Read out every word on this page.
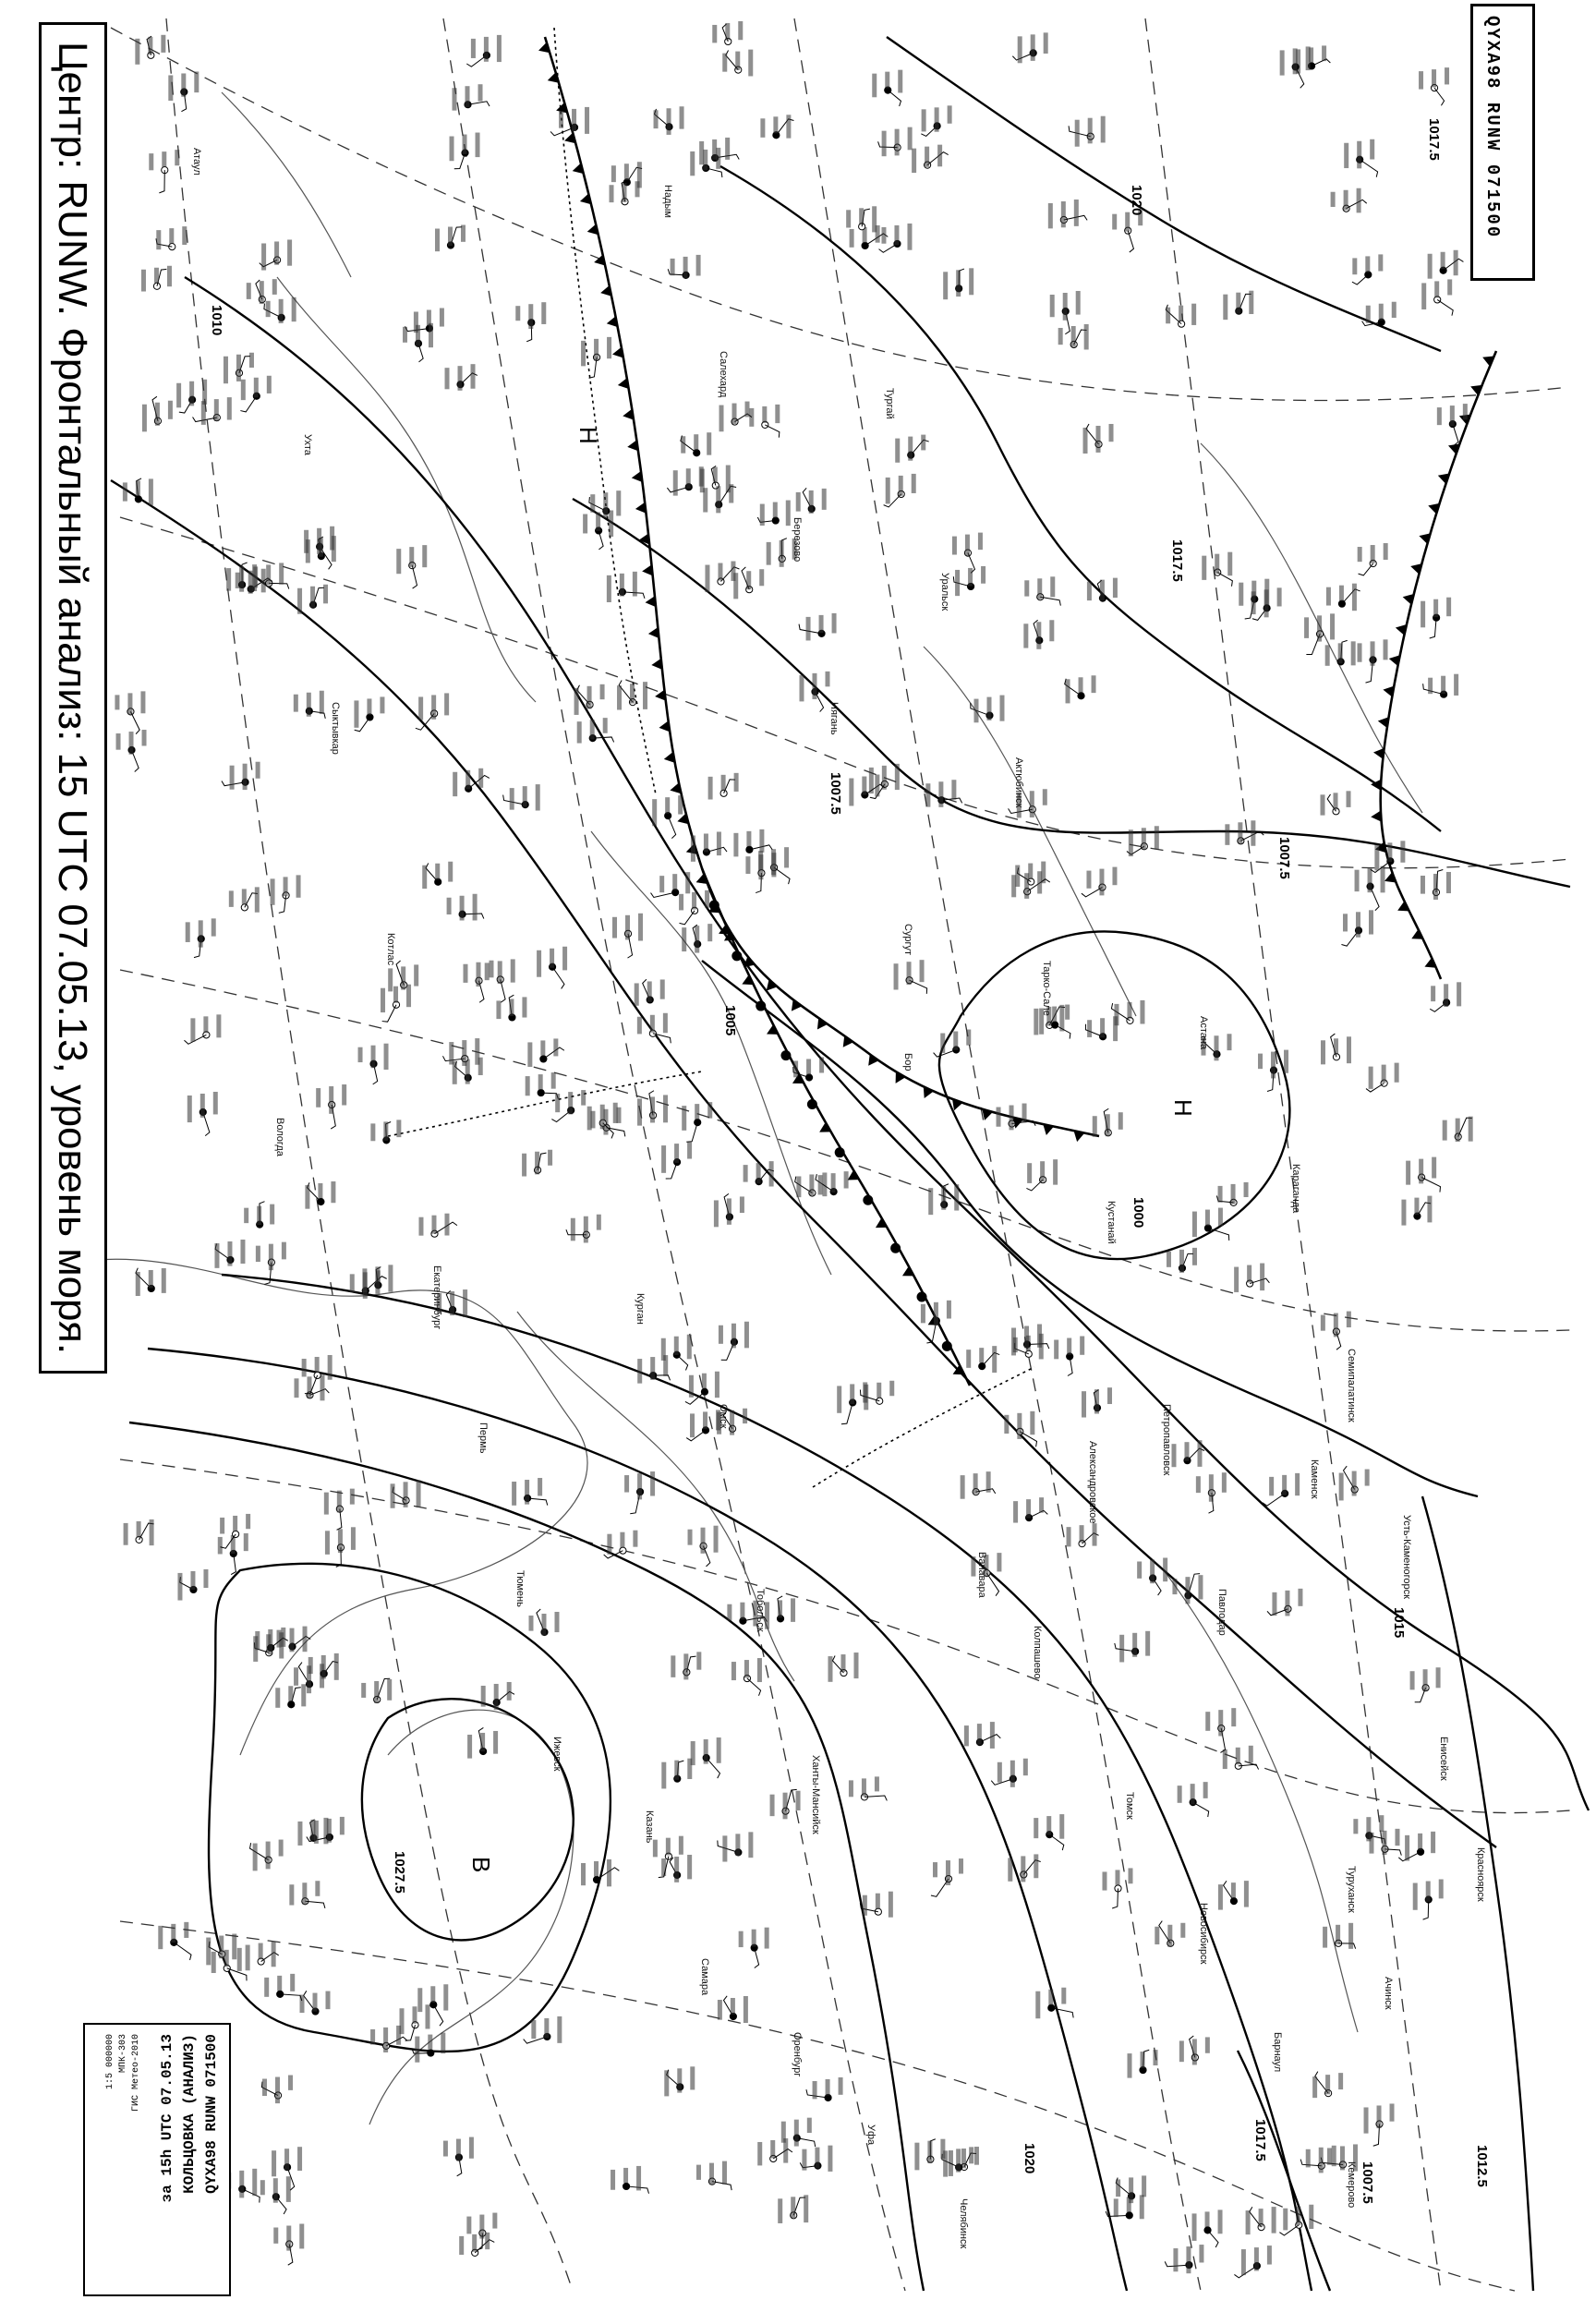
1010
1017.5
1020
1017.5
1007.5
1007.5
1005
1000
1015
1027.5
1020	1017.5
1012.5
1007.5
Н
Н
В
Атаул
Ухта
Сыктывкар
Котлас
Вологда
Екатеринбург
Пермь
Тюмень
Ижевск
Казань
Самара
Оренбург
Уфа
Челябинск
Курган
Омск
Тобольск
Ханты-Мансийск
Сургут
Нягань
Березово
Салехард
Надым
Тарко-Сале
Александровское
Колпашево
Томск
Новосибирск
Барнаул
Кемерово
Павлодар
Петропавловск
Кустанай
Актюбинск
Уральск
Тургай
Астана
Караганда
Семипалатинск
Усть-Каменогорск
Каменск
Енисейск
Красноярск
Ачинск
Туруханск
Бор
Ванавара
Центр: RUNW. Фронтальный анализ: 15 UTC 07.05.13, уровень моря.	QYXA98 RUNW 071500
QYXA98 RUNW 071500
КОЛЬЦОВКА (АНАЛИЗ)
за 15h UTC 07.05.13
ГИС Метео-2010
МПК-303
1:5 000000
